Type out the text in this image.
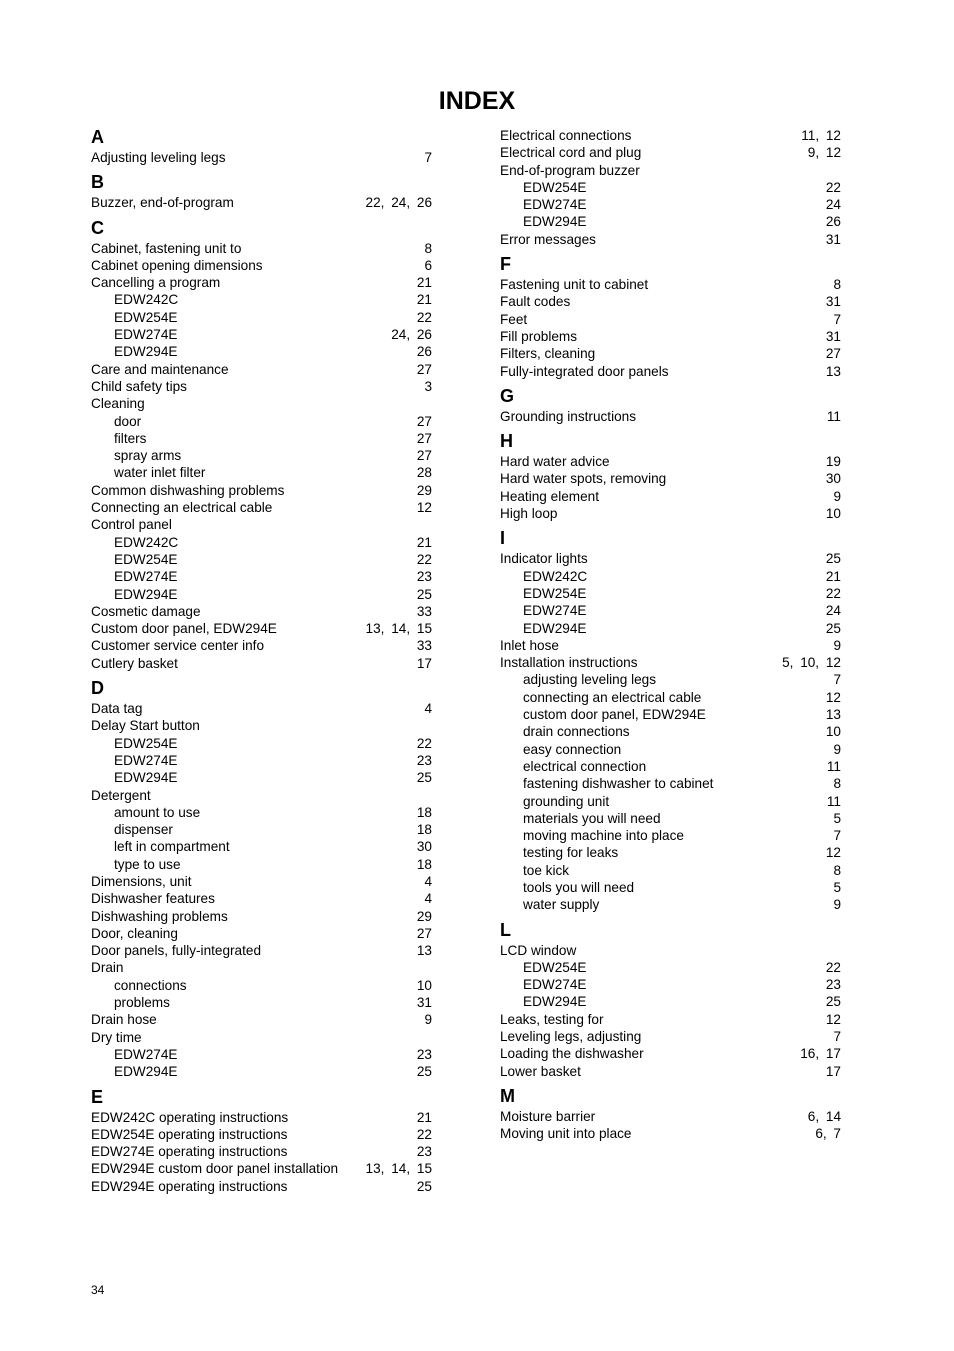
INDEX
A
Adjusting leveling legs	7
B
Buzzer, end-of-program	22, 24, 26
C
Cabinet, fastening unit to	8
Cabinet opening dimensions	6
Cancelling a program	21
EDW242C	21
EDW254E	22
EDW274E	24, 26
EDW294E	26
Care and maintenance	27
Child safety tips	3
Cleaning
door	27
filters	27
spray arms	27
water inlet filter	28
Common dishwashing problems	29
Connecting an electrical cable	12
Control panel
EDW242C	21
EDW254E	22
EDW274E	23
EDW294E	25
Cosmetic damage	33
Custom door panel, EDW294E	13, 14, 15
Customer service center info	33
Cutlery basket	17
D
Data tag	4
Delay Start button
EDW254E	22
EDW274E	23
EDW294E	25
Detergent
amount to use	18
dispenser	18
left in compartment	30
type to use	18
Dimensions, unit	4
Dishwasher features	4
Dishwashing problems	29
Door, cleaning	27
Door panels, fully-integrated	13
Drain
connections	10
problems	31
Drain hose	9
Dry time
EDW274E	23
EDW294E	25
E
EDW242C operating instructions	21
EDW254E operating instructions	22
EDW274E operating instructions	23
EDW294E custom door panel installation 13, 14, 15
EDW294E operating instructions	25
Electrical connections	11, 12
Electrical cord and plug	9, 12
End-of-program buzzer
EDW254E	22
EDW274E	24
EDW294E	26
Error messages	31
F
Fastening unit to cabinet	8
Fault codes	31
Feet	7
Fill problems	31
Filters, cleaning	27
Fully-integrated door panels	13
G
Grounding instructions	11
H
Hard water advice	19
Hard water spots, removing	30
Heating element	9
High loop	10
I
Indicator lights	25
EDW242C	21
EDW254E	22
EDW274E	24
EDW294E	25
Inlet hose	9
Installation instructions	5, 10, 12
adjusting leveling legs	7
connecting an electrical cable	12
custom door panel, EDW294E	13
drain connections	10
easy connection	9
electrical connection	11
fastening dishwasher to cabinet	8
grounding unit	11
materials you will need	5
moving machine into place	7
testing for leaks	12
toe kick	8
tools you will need	5
water supply	9
L
LCD window
EDW254E	22
EDW274E	23
EDW294E	25
Leaks, testing for	12
Leveling legs, adjusting	7
Loading the dishwasher	16, 17
Lower basket	17
M
Moisture barrier	6, 14
Moving unit into place	6, 7
34
